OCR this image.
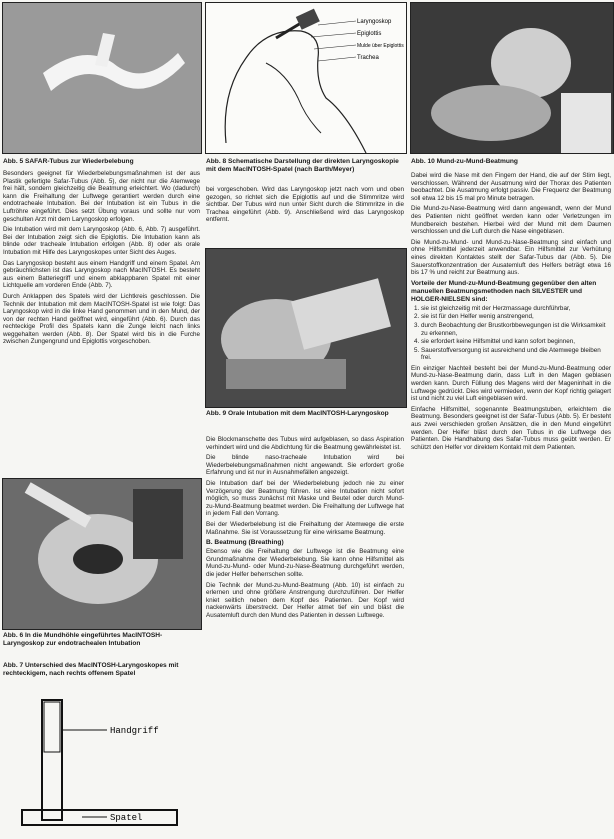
Abb. 5 SAFAR-Tubus zur Wiederbelebung

Besonders geeignet für Wiederbelebungsmaßnahmen ist der aus Plastik gefertigte Safar-Tubus (Abb. 5), der nicht nur die Atemwege frei hält, sondern gleichzeitig die Beatmung erleichtert. Wo (dadurch) kann die Freihaltung der Luftwege gerantiert werden durch eine endotracheale Intubation. Bei der Intubation ist ein Tubus in die Luftröhre eingeführt. Dies setzt Übung voraus und sollte nur vom geschulten Arzt mit dem Laryngoskop erfolgen.

Die Intubation wird mit dem Laryngoskop (Abb. 6, Abb. 7) ausgeführt. Bei der Intubation zeigt sich die Epiglottis. Die Intubation kann als blinde oder tracheale Intubation erfolgen (Abb. 8) oder als orale Intubation mit Hilfe des Laryngoskopes unter Sicht des Auges.

Das Laryngoskop besteht aus einem Handgriff und einem Spatel. Am gebräuchlichsten ist das Laryngoskop nach MacINTOSH. Es besteht aus einem Batteriegriff und einem abklappbaren Spatel mit einer Lichtquelle am vorderen Ende (Abb. 7).

Durch Anklappen des Spatels wird der Lichtkreis geschlossen. Die Technik der Intubation mit dem MacINTOSH-Spatel ist wie folgt: Das Laryngoskop wird in die linke Hand genommen und in den Mund, der von der rechten Hand geöffnet wird, eingeführt (Abb. 6). Durch das rechteckige Profil des Spatels kann die Zunge leicht nach links weggehalten werden (Abb. 8). Der Spatel wird bis in die Furche zwischen Zungengrund und Epiglottis vorgeschoben.

Abb. 6 In die Mundhöhle eingeführtes MacINTOSH-Laryngoskop zur endotrachealen Intubation
Abb. 7 Unterschied des MacINTOSH-Laryngoskopes mit rechteckigem, nach rechts offenem Spatel
Handgriff
Spatel
Laryngoskop
Epiglottis
Mulde über Epiglottis
Trachea
Abb. 8 Schematische Darstellung der direkten Laryngoskopie mit dem MacINTOSH-Spatel (nach Barth/Meyer)

bei vorgeschoben. Wird das Laryngoskop jetzt nach vorn und oben gezogen, so richtet sich die Epiglottis auf und die Stimmritze wird sichtbar. Der Tubus wird nun unter Sicht durch die Stimmritze in die Trachea eingeführt (Abb. 9). Anschließend wird das Laryngoskop entfernt.

Abb. 9 Orale Intubation mit dem MacINTOSH-Laryngoskop

Die Blockmanschette des Tubus wird aufgeblasen, so dass Aspiration verhindert wird und die Abdichtung für die Beatmung gewährleistet ist.

Die blinde naso-tracheale Intubation wird bei Wiederbelebungsmaßnahmen nicht angewandt. Sie erfordert große Erfahrung und ist nur in Ausnahmefällen angezeigt.

Die Intubation darf bei der Wiederbelebung jedoch nie zu einer Verzögerung der Beatmung führen. Ist eine Intubation nicht sofort möglich, so muss zunächst mit Maske und Beutel oder durch Mund-zu-Mund-Beatmung beatmet werden. Die Freihaltung der Luftwege hat in jedem Fall den Vorrang.

Bei der Wiederbelebung ist die Freihaltung der Atemwege die erste Maßnahme. Sie ist Voraussetzung für eine wirksame Beatmung.

B. Beatmung (Breathing)

Ebenso wie die Freihaltung der Luftwege ist die Beatmung eine Grundmaßnahme der Wiederbelebung. Sie kann ohne Hilfsmittel als Mund-zu-Mund- oder Mund-zu-Nase-Beatmung durchgeführt werden, die jeder Helfer beherrschen sollte.

Die Technik der Mund-zu-Mund-Beatmung (Abb. 10) ist einfach zu erlernen und ohne größere Anstrengung durchzuführen. Der Helfer kniet seitlich neben dem Kopf des Patienten. Der Kopf wird nackenwärts überstreckt. Der Helfer atmet tief ein und bläst die Ausatemluft durch den Mund des Patienten in dessen Luftwege.

Abb. 10 Mund-zu-Mund-Beatmung

Dabei wird die Nase mit den Fingern der Hand, die auf der Stirn liegt, verschlossen. Während der Ausatmung wird der Thorax des Patienten beobachtet. Die Ausatmung erfolgt passiv. Die Frequenz der Beatmung soll etwa 12 bis 15 mal pro Minute betragen.

Die Mund-zu-Nase-Beatmung wird dann angewandt, wenn der Mund des Patienten nicht geöffnet werden kann oder Verletzungen im Mundbereich bestehen. Hierbei wird der Mund mit dem Daumen verschlossen und die Luft durch die Nase eingeblasen.

Die Mund-zu-Mund- und Mund-zu-Nase-Beatmung sind einfach und ohne Hilfsmittel jederzeit anwendbar. Ein Hilfsmittel zur Verhütung eines direkten Kontaktes stellt der Safar-Tubus dar (Abb. 5). Die Sauerstoffkonzentration der Ausatemluft des Helfers beträgt etwa 16 bis 17 % und reicht zur Beatmung aus.

Vorteile der Mund-zu-Mund-Beatmung gegenüber den alten manuellen Beatmungsmethoden nach SILVESTER und HOLGER-NIELSEN sind:
1. sie ist gleichzeitig mit der Herzmassage durchführbar,
2. sie ist für den Helfer wenig anstrengend,
3. durch Beobachtung der Brustkorbbewegungen ist die Wirksamkeit zu erkennen,
4. sie erfordert keine Hilfsmittel und kann sofort beginnen,
5. Sauerstoffversorgung ist ausreichend und die Atemwege bleiben frei.

Ein einziger Nachteil besteht bei der Mund-zu-Mund-Beatmung oder Mund-zu-Nase-Beatmung darin, dass Luft in den Magen geblasen werden kann. Durch Füllung des Magens wird der Mageninhalt in die Luftwege gedrückt. Dies wird vermieden, wenn der Kopf richtig gelagert ist und nicht zu viel Luft eingeblasen wird.

Einfache Hilfsmittel, sogenannte Beatmungstuben, erleichtern die Beatmung. Besonders geeignet ist der Safar-Tubus (Abb. 5). Er besteht aus zwei verschieden großen Ansätzen, die in den Mund eingeführt werden. Der Helfer bläst durch den Tubus in die Luftwege des Patienten. Die Handhabung des Safar-Tubus muss geübt werden. Er schützt den Helfer vor direktem Kontakt mit dem Patienten.
